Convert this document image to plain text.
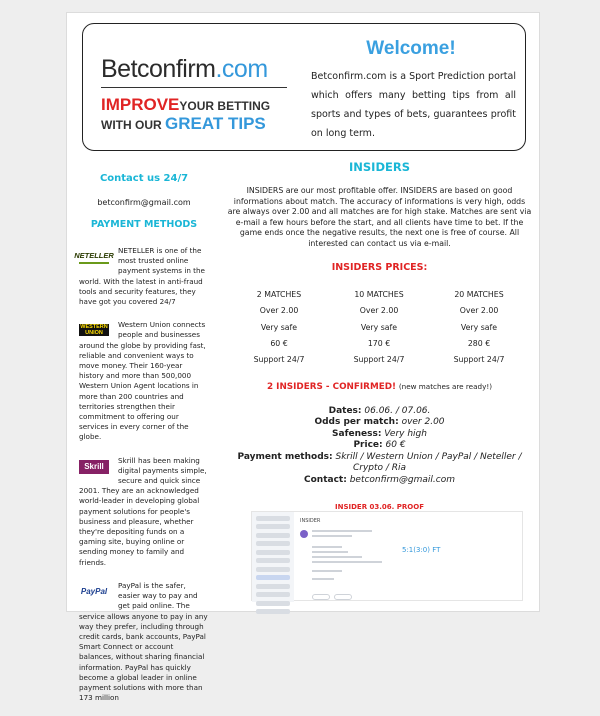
Betconfirm.com
IMPROVEYOUR BETTING
WITH OUR GREAT TIPS
Welcome!
Betconfirm.com is a Sport Prediction portal which offers many betting tips from all sports and types of bets, guarantees profit on long term.
Contact us 24/7
betconfirm@gmail.com
PAYMENT METHODS
NETELLER
NETELLER is one of the most trusted online payment systems in the world. With the latest in anti-fraud tools and security features, they have got you covered 24/7
WESTERN UNION
Western Union connects people and businesses around the globe by providing fast, reliable and convenient ways to move money. Their 160-year history and more than 500,000 Western Union Agent locations in more than 200 countries and territories strengthen their commitment to offering our services in every corner of the globe.
Skrill
Skrill has been making digital payments simple, secure and quick since 2001. They are an acknowledged world-leader in developing global payment solutions for people's business and pleasure, whether they're depositing funds on a gaming site, buying online or sending money to family and friends.
PayPal
PayPal is the safer, easier way to pay and get paid online. The service allows anyone to pay in any way they prefer, including through credit cards, bank accounts, PayPal Smart Connect or account balances, without sharing financial information. PayPal has quickly become a global leader in online payment solutions with more than 173 million
INSIDERS
INSIDERS are our most profitable offer. INSIDERS are based on good informations about match. The accuracy of informations is very high, odds are always over 2.00 and all matches are for high stake. Matches are sent via e-mail a few hours before the start, and all clients have time to bet. If the game ends once the negative results, the next one is free of course. All interested can contact us via e-mail.
INSIDERS PRICES:
2 MATCHES	10 MATCHES	20 MATCHES
Over 2.00	Over 2.00	Over 2.00
Very safe	Very safe	Very safe
60 €	170 €	280 €
Support 24/7	Support 24/7	Support 24/7
2 INSIDERS - CONFIRMED! (new matches are ready!)
Dates: 06.06. / 07.06.
Odds per match: over 2.00
Safeness: Very high
Price: 60 €
Payment methods: Skrill / Western Union / PayPal / Neteller / Crypto / Ria
Contact: betconfirm@gmail.com
INSIDER 03.06. PROOF
INSIDER
5:1(3:0) FT
